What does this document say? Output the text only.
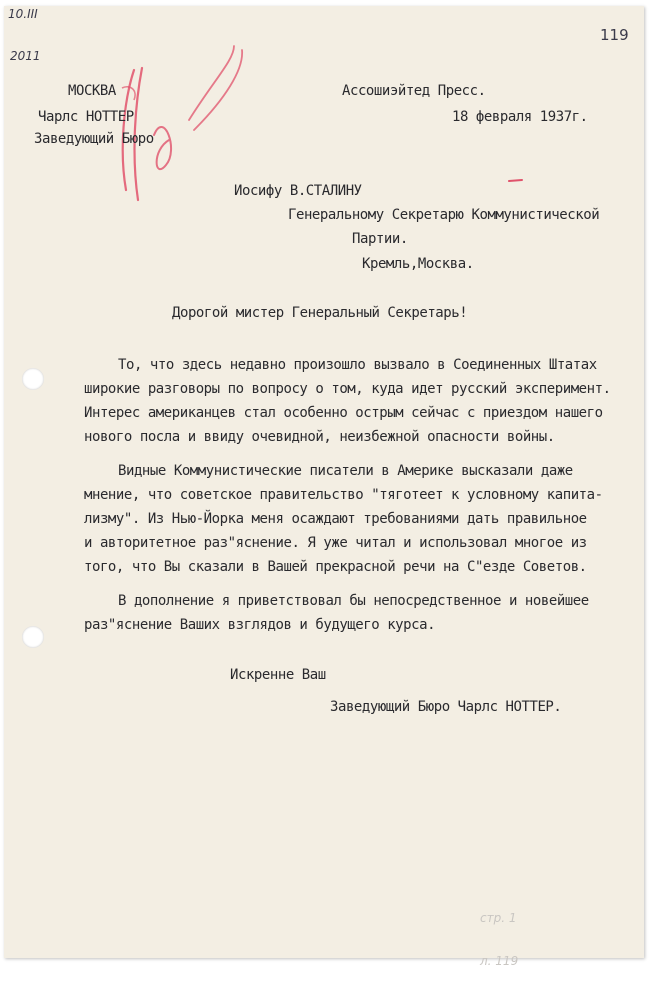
10.III
2011
119

МОСКВА

Чарлс НОТТЕР

Заведующий Бюро

Ассошиэйтед Пресс.

18 февраля 1937г.

Иосифу В.СТАЛИНУ

Генеральному Секретарю Коммунистической

Партии.

Кремль,Москва.

Дорогой мистер Генеральный Секретарь!

То, что здесь недавно произошло вызвало в Соединенных Штатах

широкие разговоры по вопросу о том, куда идет русский эксперимент.

Интерес американцев стал особенно острым сейчас с приездом нашего

нового посла и ввиду очевидной, неизбежной опасности войны.

Видные Коммунистические писатели в Америке высказали даже

мнение, что советское правительство "тяготеет к условному капита-

лизму". Из Нью-Йорка меня осаждают требованиями дать правильное

и авторитетное раз"яснение. Я уже читал и использовал многое из

того, что Вы сказали в Вашей прекрасной речи на С"езде Советов.

В дополнение я приветствовал бы непосредственное и новейшее

раз"яснение Ваших взглядов и будущего курса.

Искренне Ваш

Заведующий Бюро Чарлс НОТТЕР.

стр. 1

л. 119
